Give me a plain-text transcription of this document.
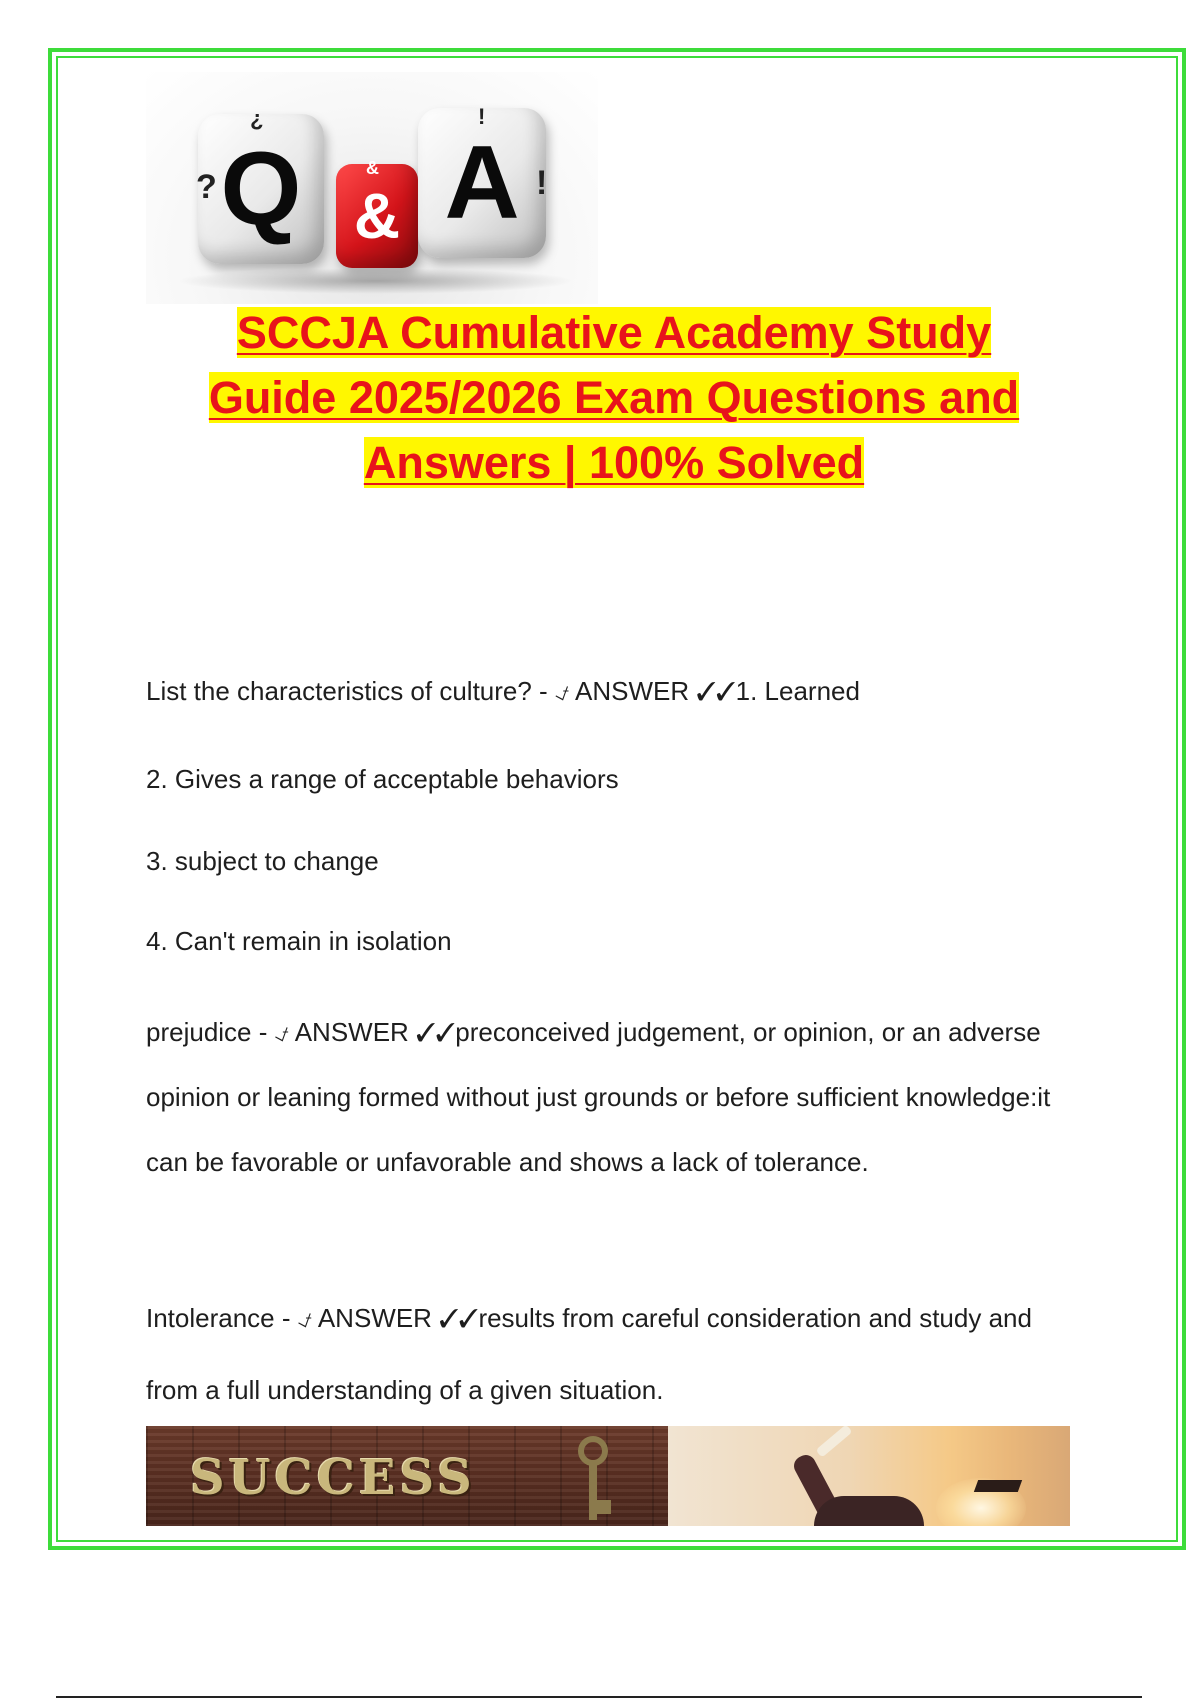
Q & A
?
?
!
!
&
SCCJA Cumulative Academy Study
Guide 2025/2026 Exam Questions and
Answers | 100% Solved
List the characteristics of culture? - ⍻ ANSWER ✓✓1. Learned
2. Gives a range of acceptable behaviors
3. subject to change
4. Can't remain in isolation
prejudice - ⍻ ANSWER ✓✓preconceived judgement, or opinion, or an adverse opinion or leaning formed without just grounds or before sufficient knowledge:it can be favorable or unfavorable and shows a lack of tolerance.
Intolerance - ⍻ ANSWER ✓✓results from careful consideration and study and from a full understanding of a given situation.
SUCCESS
